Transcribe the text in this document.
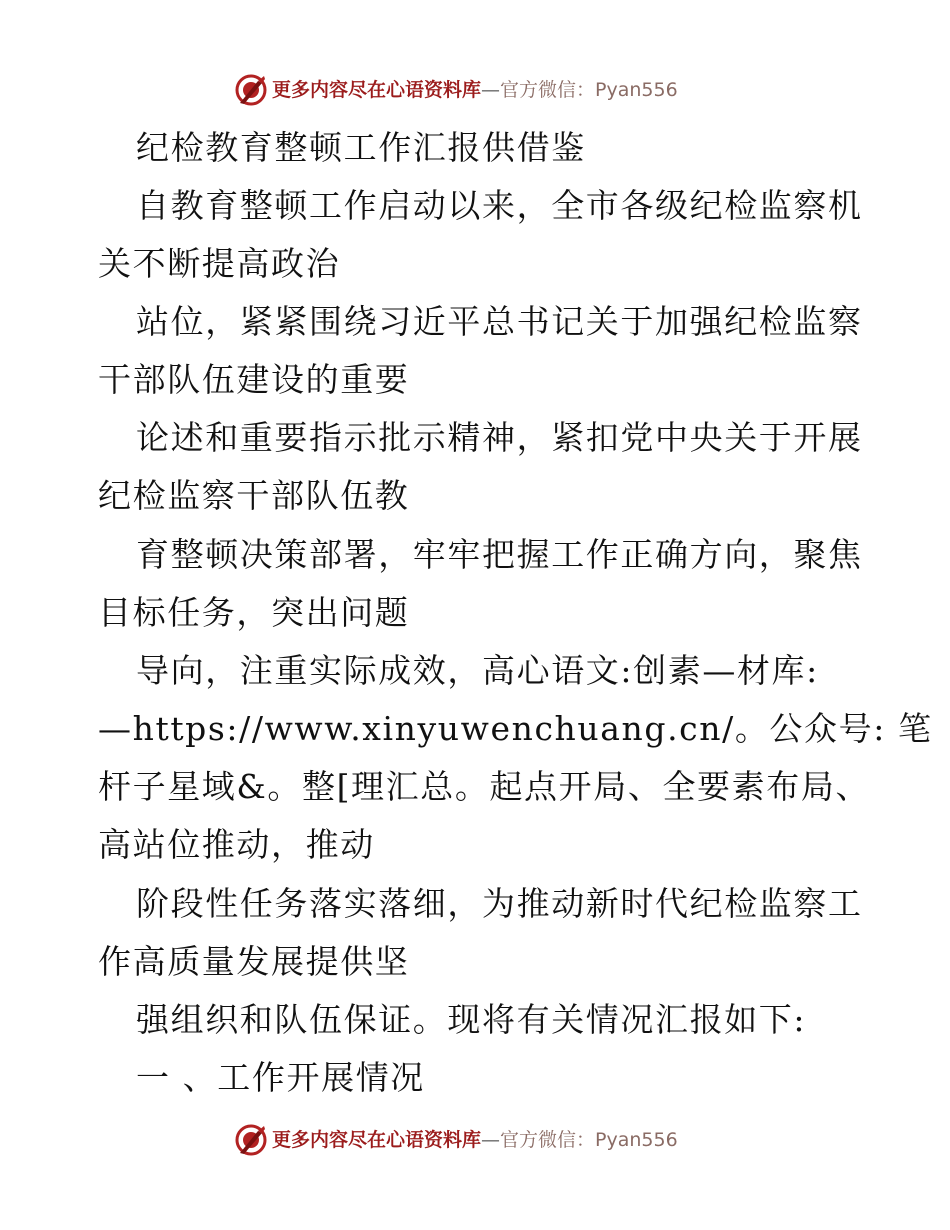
更多内容尽在心语资料库—官方微信：Pyan556
纪检教育整顿工作汇报供借鉴
自教育整顿工作启动以来，全市各级纪检监察机
关不断提高政治
站位，紧紧围绕习近平总书记关于加强纪检监察
干部队伍建设的重要
论述和重要指示批示精神，紧扣党中央关于开展
纪检监察干部队伍教
育整顿决策部署，牢牢把握工作正确方向，聚焦
目标任务，突出问题
导向，注重实际成效，高心语文:创素—材库:
—https://www.xinyuwenchuang.cn/。公众号: 笔
杆子星域&。整[理汇总。起点开局、全要素布局、
高站位推动，推动
阶段性任务落实落细，为推动新时代纪检监察工
作高质量发展提供坚
强组织和队伍保证。现将有关情况汇报如下:
一 、工作开展情况
更多内容尽在心语资料库—官方微信：Pyan556
